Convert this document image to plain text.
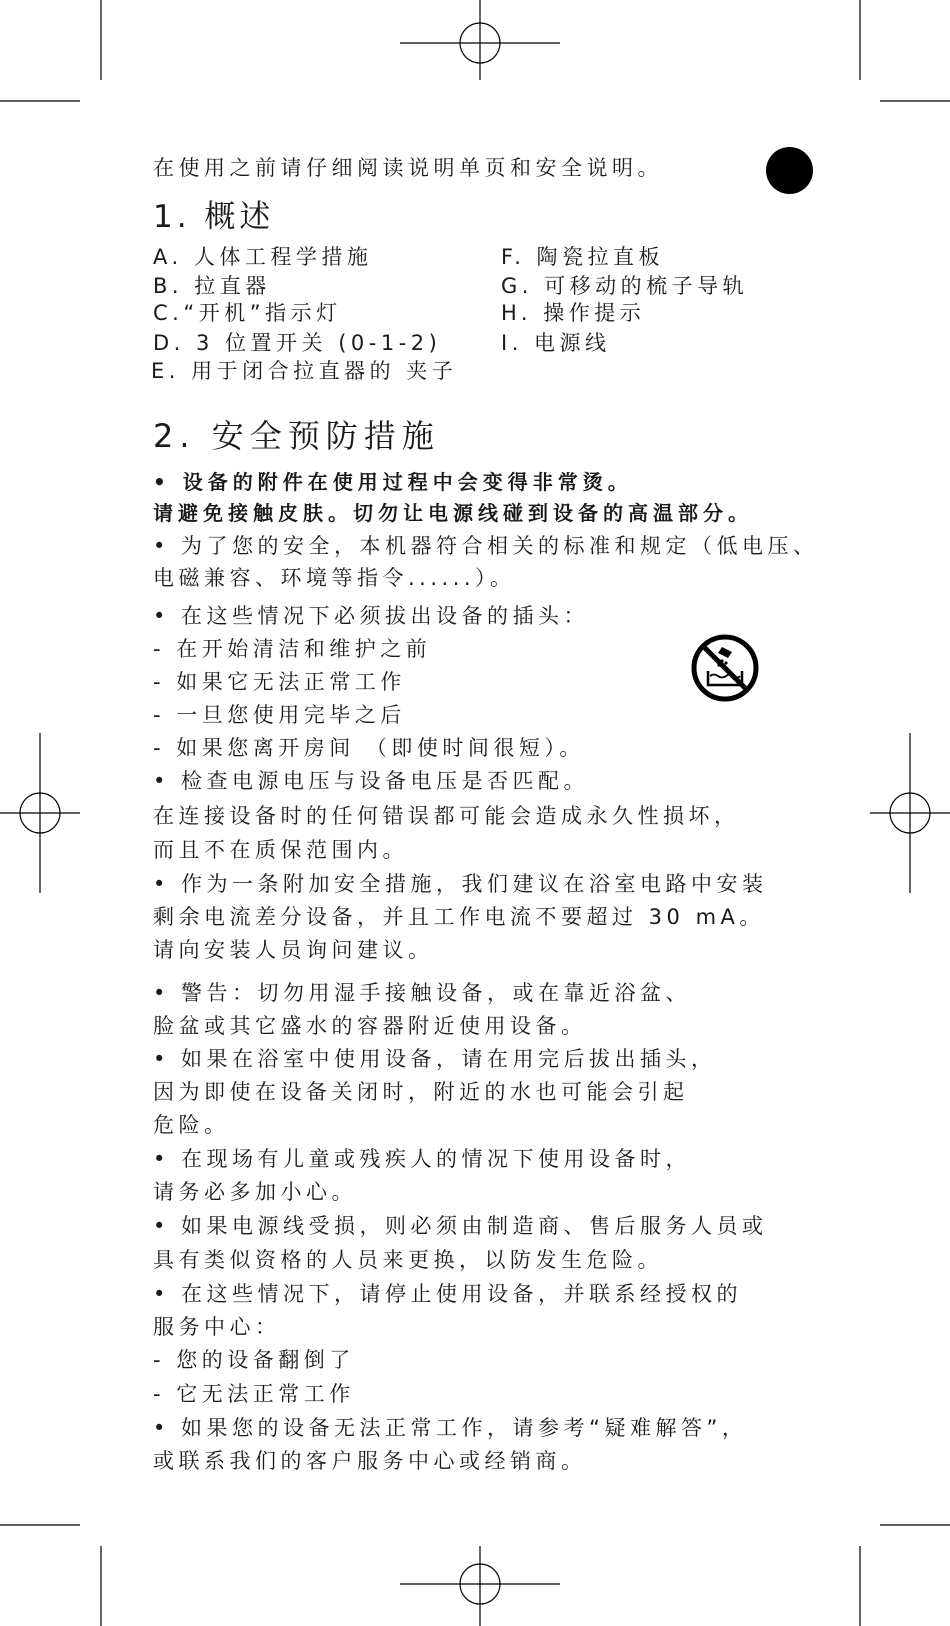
在使用之前请仔细阅读说明单页和安全说明。
1. 概述
A. 人体工程学措施
B. 拉直器
C.“开机”指示灯
D. 3 位置开关 (0-1-2)
E. 用于闭合拉直器的 夹子
F. 陶瓷拉直板
G. 可移动的梳子导轨
H. 操作提示
I. 电源线
2. 安全预防措施
• 设备的附件在使用过程中会变得非常烫。
请避免接触皮肤。切勿让电源线碰到设备的高温部分。
• 为了您的安全，本机器符合相关的标准和规定（低电压、
电磁兼容、环境等指令......）。
• 在这些情况下必须拔出设备的插头：
- 在开始清洁和维护之前
- 如果它无法正常工作
- 一旦您使用完毕之后
- 如果您离开房间 （即使时间很短）。
• 检查电源电压与设备电压是否匹配。
在连接设备时的任何错误都可能会造成永久性损坏，
而且不在质保范围内。
• 作为一条附加安全措施，我们建议在浴室电路中安装
剩余电流差分设备，并且工作电流不要超过 30 mA。
请向安装人员询问建议。
• 警告：切勿用湿手接触设备，或在靠近浴盆、
脸盆或其它盛水的容器附近使用设备。
• 如果在浴室中使用设备，请在用完后拔出插头，
因为即使在设备关闭时，附近的水也可能会引起
危险。
• 在现场有儿童或残疾人的情况下使用设备时，
请务必多加小心。
• 如果电源线受损，则必须由制造商、售后服务人员或
具有类似资格的人员来更换，以防发生危险。
• 在这些情况下，请停止使用设备，并联系经授权的
服务中心：
- 您的设备翻倒了
- 它无法正常工作
• 如果您的设备无法正常工作，请参考“疑难解答”，
或联系我们的客户服务中心或经销商。
